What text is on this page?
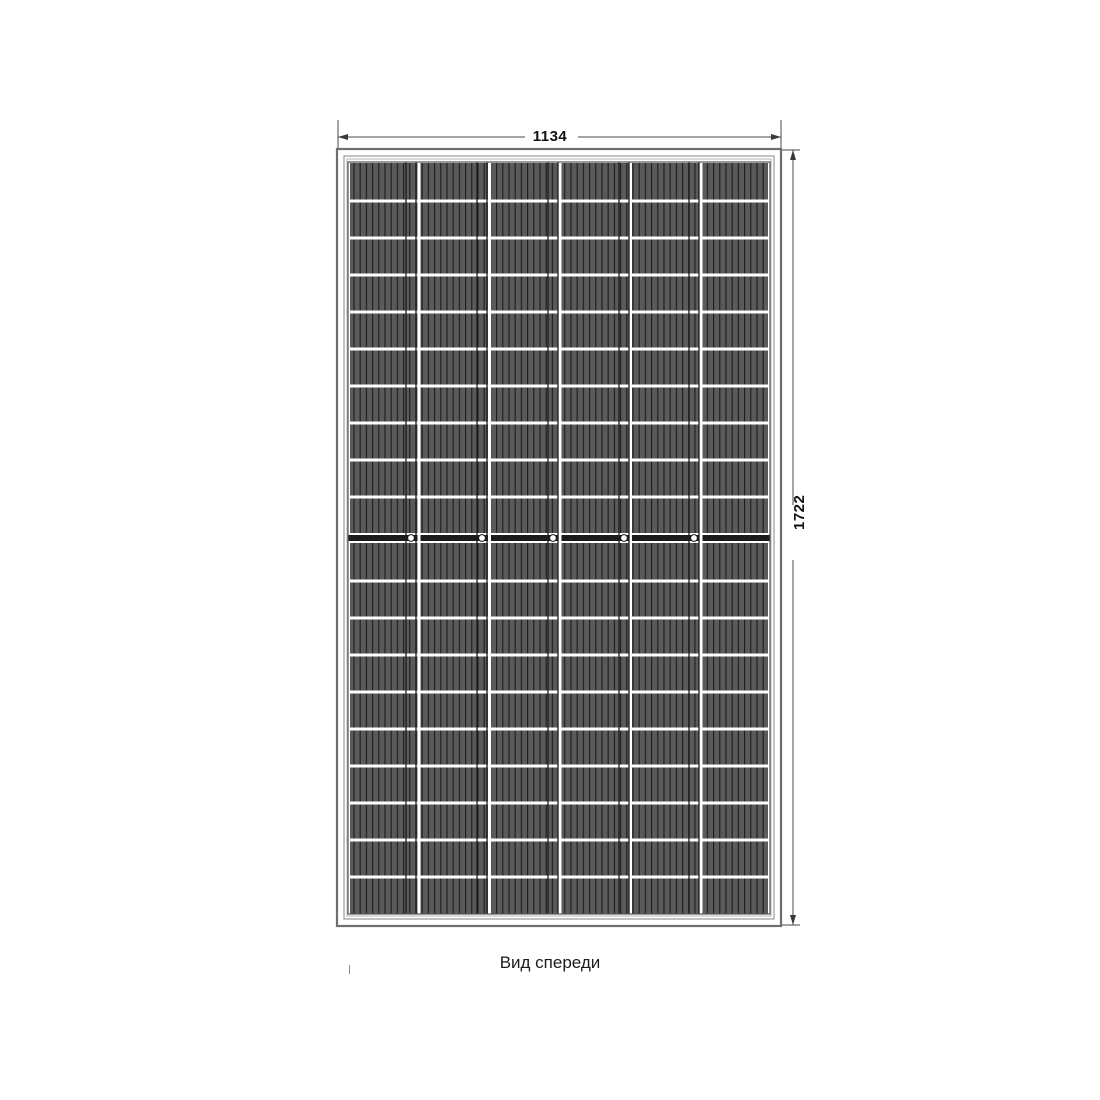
1134
1722
Вид спереди
